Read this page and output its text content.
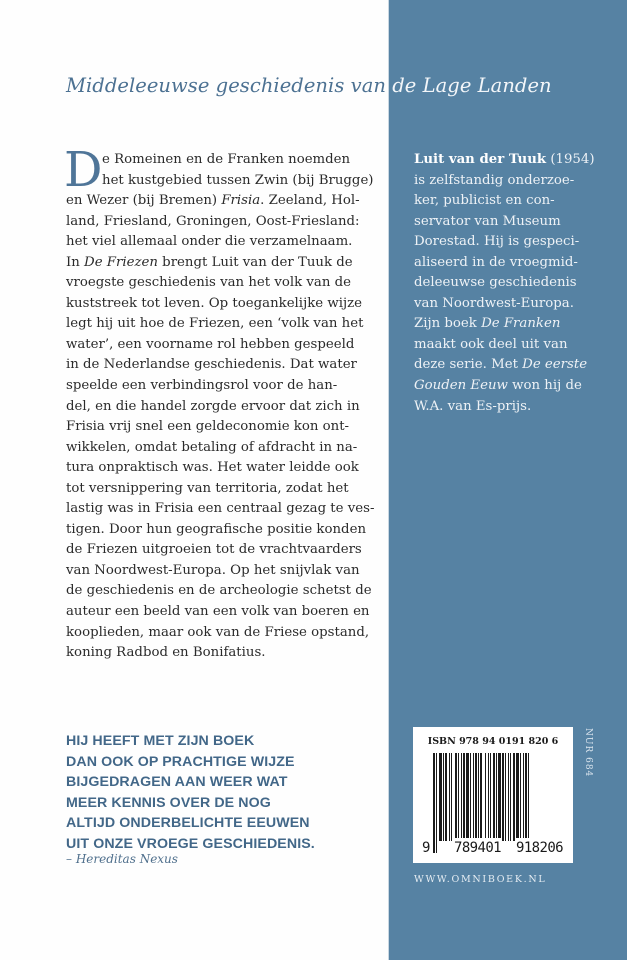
Middeleeuwse geschiedenis van de Lage Landen
D e Romeinen en de Franken noemden
het kustgebied tussen Zwin (bij Brugge)
en Wezer (bij Bremen) Frisia. Zeeland, Hol-
land, Friesland, Groningen, Oost-Friesland:
het viel allemaal onder die verzamelnaam.
In De Friezen brengt Luit van der Tuuk de
vroegste geschiedenis van het volk van de
kuststreek tot leven. Op toegankelijke wijze
legt hij uit hoe de Friezen, een ‘volk van het
water’, een voorname rol hebben gespeeld
in de Nederlandse geschiedenis. Dat water
speelde een verbindingsrol voor de han-
del, en die handel zorgde ervoor dat zich in
Frisia vrij snel een geldeconomie kon ont-
wikkelen, omdat betaling of afdracht in na-
tura onpraktisch was. Het water leidde ook
tot versnippering van territoria, zodat het
lastig was in Frisia een centraal gezag te ves-
tigen. Door hun geografische positie konden
de Friezen uitgroeien tot de vrachtvaarders
van Noordwest-Europa. Op het snijvlak van
de geschiedenis en de archeologie schetst de
auteur een beeld van een volk van boeren en
kooplieden, maar ook van de Friese opstand,
koning Radbod en Bonifatius.
Luit van der Tuuk (1954)
is zelfstandig onderzoe-
ker, publicist en con-
servator van Museum
Dorestad. Hij is gespeci-
aliseerd in de vroegmid-
deleeuwse geschiedenis
van Noordwest-Europa.
Zijn boek De Franken
maakt ook deel uit van
deze serie. Met De eerste
Gouden Eeuw won hij de
W.A. van Es-prijs.
HIJ HEEFT MET ZIJN BOEK
DAN OOK OP PRACHTIGE WIJZE
BIJGEDRAGEN AAN WEER WAT
MEER KENNIS OVER DE NOG
ALTIJD ONDERBELICHTE EEUWEN
UIT ONZE VROEGE GESCHIEDENIS.
– Hereditas Nexus
ISBN 978 94 0191 820 6
9 789401 918206
NUR 684
WWW.OMNIBOEK.NL
